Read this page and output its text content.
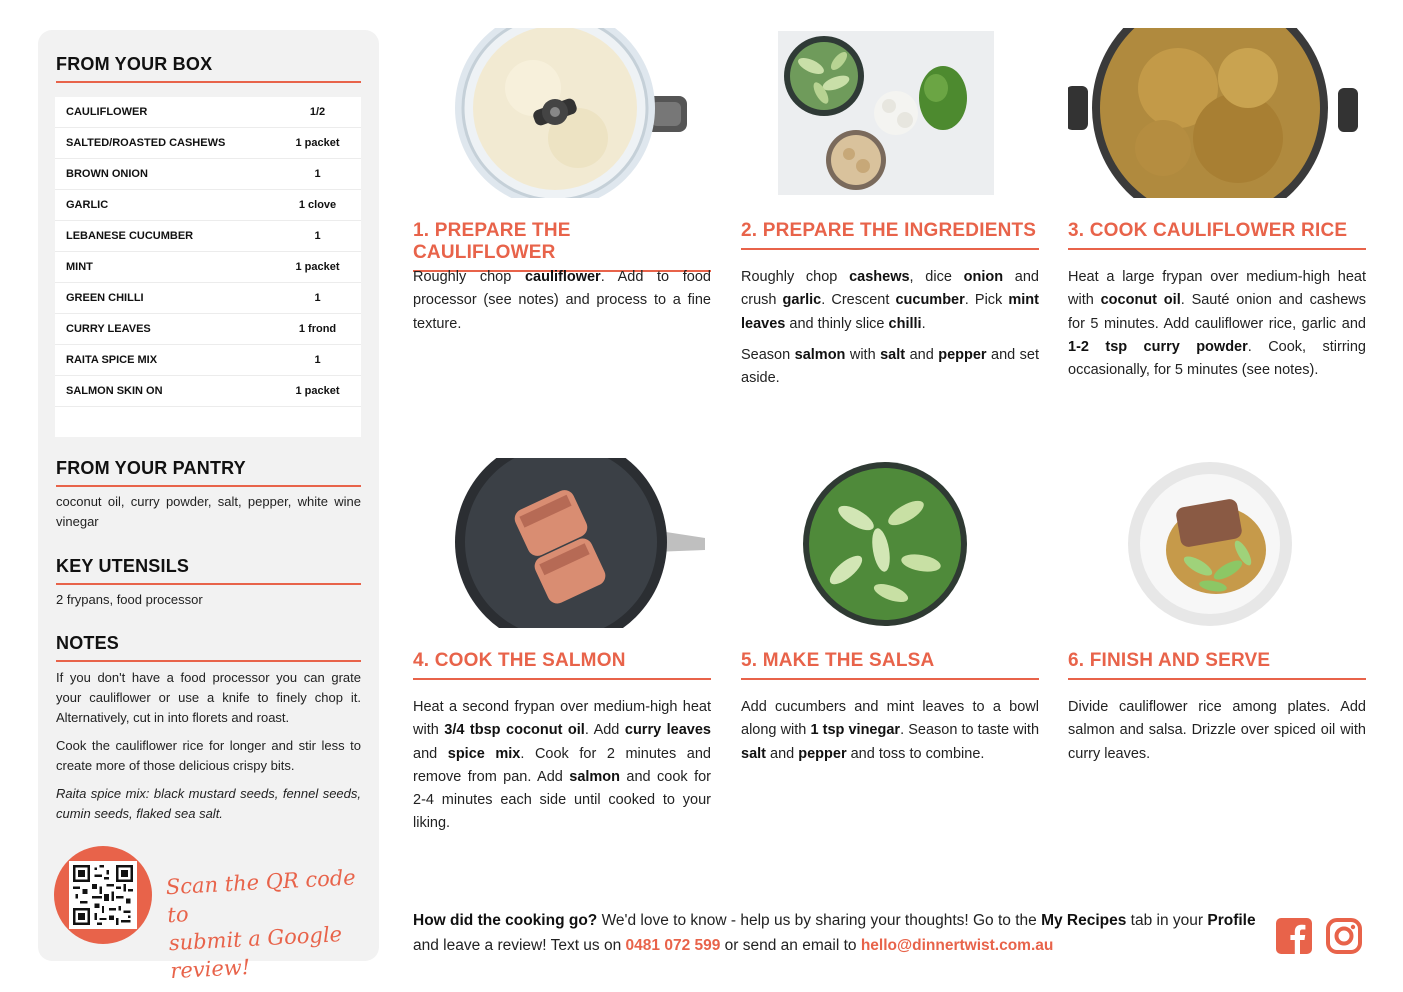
FROM YOUR BOX
CAULIFLOWER	1/2
SALTED/ROASTED CASHEWS	1 packet
BROWN ONION	1
GARLIC	1 clove
LEBANESE CUCUMBER	1
MINT	1 packet
GREEN CHILLI	1
CURRY LEAVES	1 frond
RAITA SPICE MIX	1
SALMON SKIN ON	1 packet
FROM YOUR PANTRY
coconut oil, curry powder, salt, pepper, white wine vinegar
KEY UTENSILS
2 frypans, food processor
NOTES

If you don't have a food processor you can grate your cauliflower or use a knife to finely chop it. Alternatively, cut in into florets and roast.

Cook the cauliflower rice for longer and stir less to create more of those delicious crispy bits.

Raita spice mix: black mustard seeds, fennel seeds, cumin seeds, flaked sea salt.

Scan the QR code to
submit a Google review!
1. PREPARE THE CAULIFLOWER

Roughly chop cauliflower. Add to food processor (see notes) and process to a fine texture.

2. PREPARE THE INGREDIENTS

Roughly chop cashews, dice onion and crush garlic. Crescent cucumber. Pick mint leaves and thinly slice chilli.

Season salmon with salt and pepper and set aside.

3. COOK CAULIFLOWER RICE

Heat a large frypan over medium-high heat with coconut oil. Sauté onion and cashews for 5 minutes. Add cauliflower rice, garlic and 1-2 tsp curry powder. Cook, stirring occasionally, for 5 minutes (see notes).

4. COOK THE SALMON

Heat a second frypan over medium-high heat with 3/4 tbsp coconut oil. Add curry leaves and spice mix. Cook for 2 minutes and remove from pan. Add salmon and cook for 2-4 minutes each side until cooked to your liking.

5. MAKE THE SALSA

Add cucumbers and mint leaves to a bowl along with 1 tsp vinegar. Season to taste with salt and pepper and toss to combine.

6. FINISH AND SERVE

Divide cauliflower rice among plates. Add salmon and salsa. Drizzle over spiced oil with curry leaves.

How did the cooking go? We'd love to know - help us by sharing your thoughts! Go to the My Recipes tab in your Profile and leave a review! Text us on 0481 072 599 or send an email to hello@dinnertwist.com.au
